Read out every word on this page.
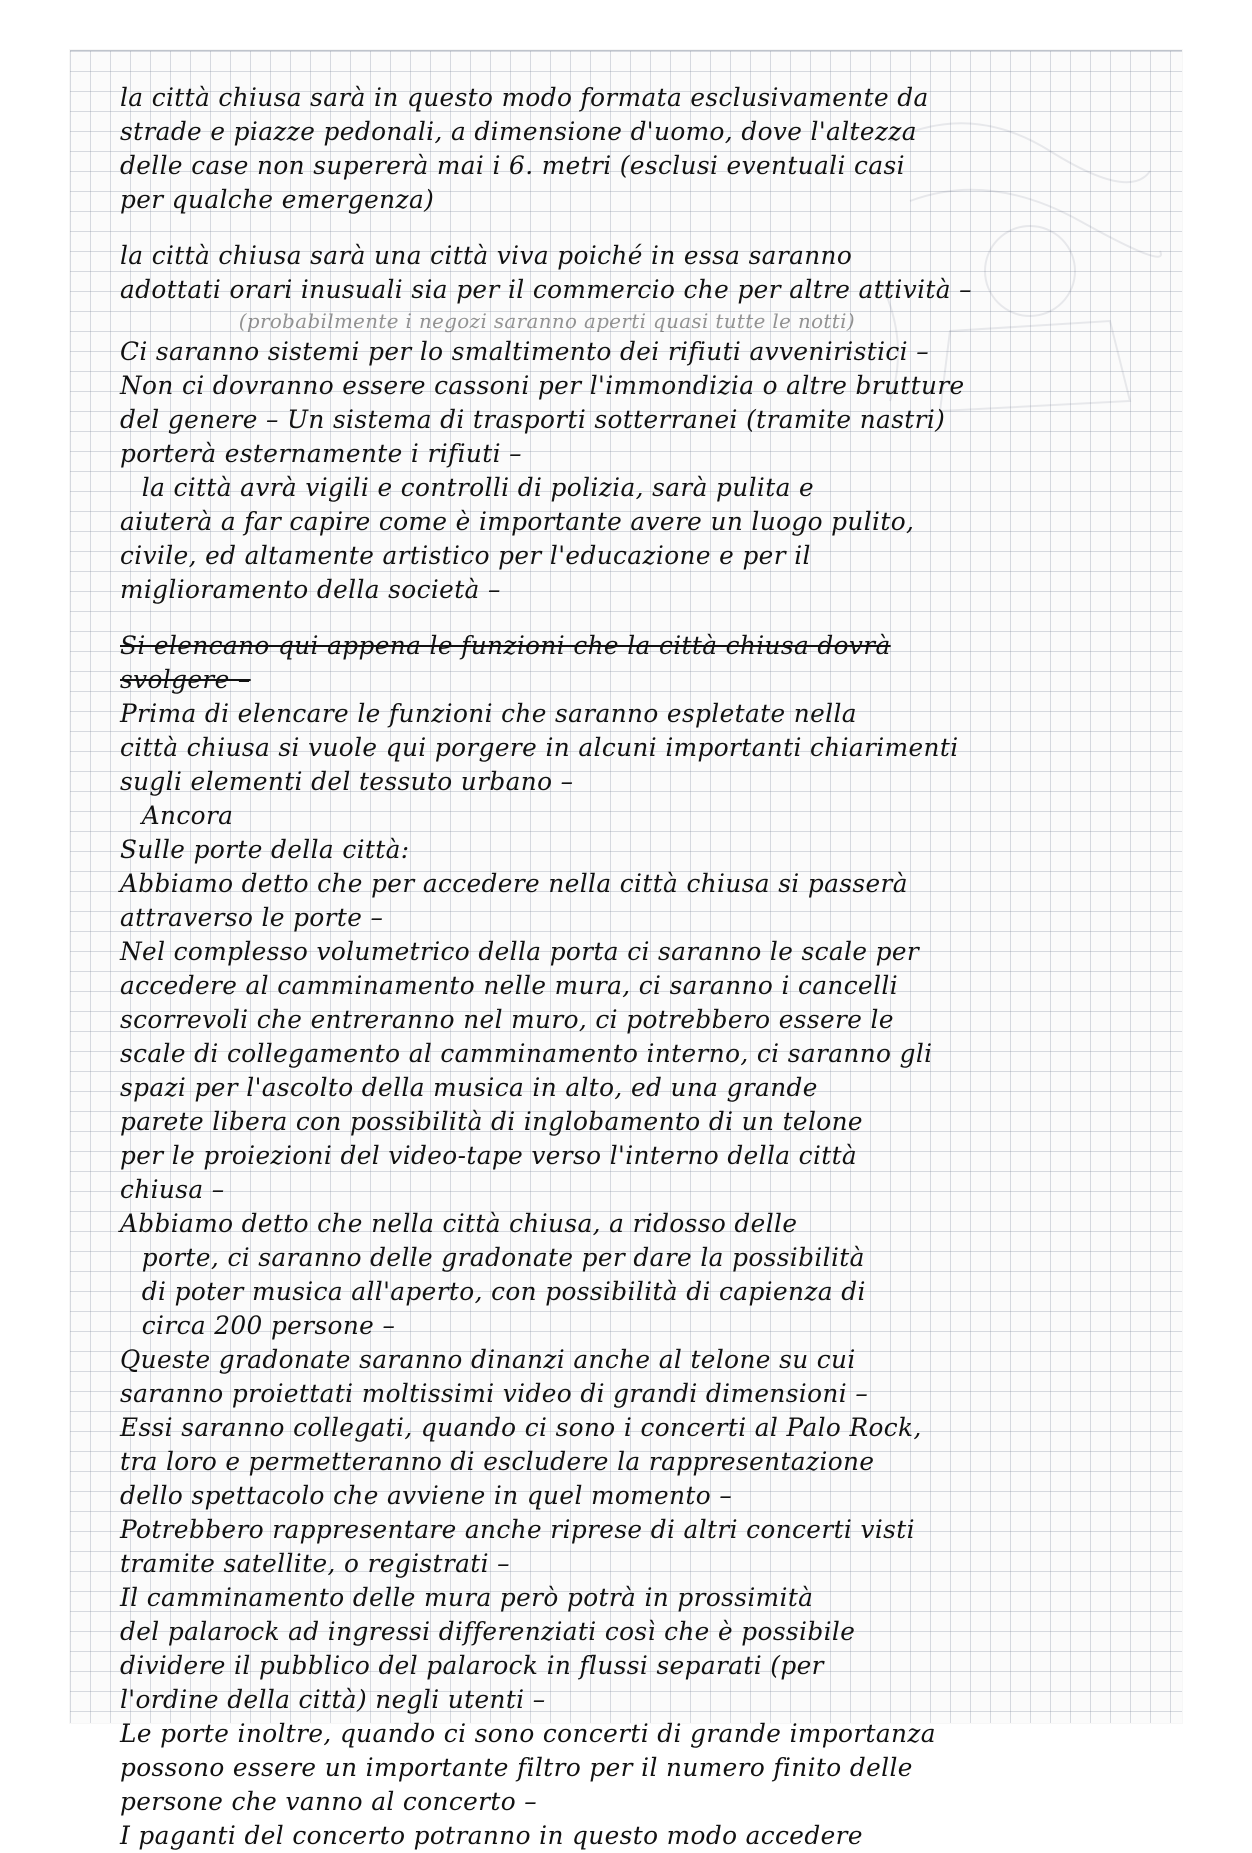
la città chiusa sarà in questo modo formata esclusivamente da
strade e piazze pedonali, a dimensione d'uomo, dove l'altezza
delle case non supererà mai i 6. metri (esclusi eventuali casi
per qualche emergenza)
la città chiusa sarà una città viva poiché in essa saranno
adottati orari inusuali sia per il commercio che per altre attività –
(probabilmente i negozi saranno aperti quasi tutte le notti)
Ci saranno sistemi per lo smaltimento dei rifiuti avveniristici –
Non ci dovranno essere cassoni per l'immondizia o altre brutture
del genere – Un sistema di trasporti sotterranei (tramite nastri)
porterà esternamente i rifiuti –
la città avrà vigili e controlli di polizia, sarà pulita e
aiuterà a far capire come è importante avere un luogo pulito,
civile, ed altamente artistico per l'educazione e per il
miglioramento della società –
Si elencano qui appena le funzioni che la città chiusa dovrà
svolgere –
Prima di elencare le funzioni che saranno espletate nella
città chiusa si vuole qui porgere in alcuni importanti chiarimenti
sugli elementi del tessuto urbano –
Ancora
Sulle porte della città:
Abbiamo detto che per accedere nella città chiusa si passerà
attraverso le porte –
Nel complesso volumetrico della porta ci saranno le scale per
accedere al camminamento nelle mura, ci saranno i cancelli
scorrevoli che entreranno nel muro, ci potrebbero essere le
scale di collegamento al camminamento interno, ci saranno gli
spazi per l'ascolto della musica in alto, ed una grande
parete libera con possibilità di inglobamento di un telone
per le proiezioni del video-tape verso l'interno della città
chiusa –
Abbiamo detto che nella città chiusa, a ridosso delle
porte, ci saranno delle gradonate per dare la possibilità
di poter musica all'aperto, con possibilità di capienza di
circa 200 persone –
Queste gradonate saranno dinanzi anche al telone su cui
saranno proiettati moltissimi video di grandi dimensioni –
Essi saranno collegati, quando ci sono i concerti al Palo Rock,
tra loro e permetteranno di escludere la rappresentazione
dello spettacolo che avviene in quel momento –
Potrebbero rappresentare anche riprese di altri concerti visti
tramite satellite, o registrati –
Il camminamento delle mura però potrà in prossimità
del palarock ad ingressi differenziati così che è possibile
dividere il pubblico del palarock in flussi separati (per
l'ordine della città) negli utenti –
Le porte inoltre, quando ci sono concerti di grande importanza
possono essere un importante filtro per il numero finito delle
persone che vanno al concerto –
I paganti del concerto potranno in questo modo accedere
